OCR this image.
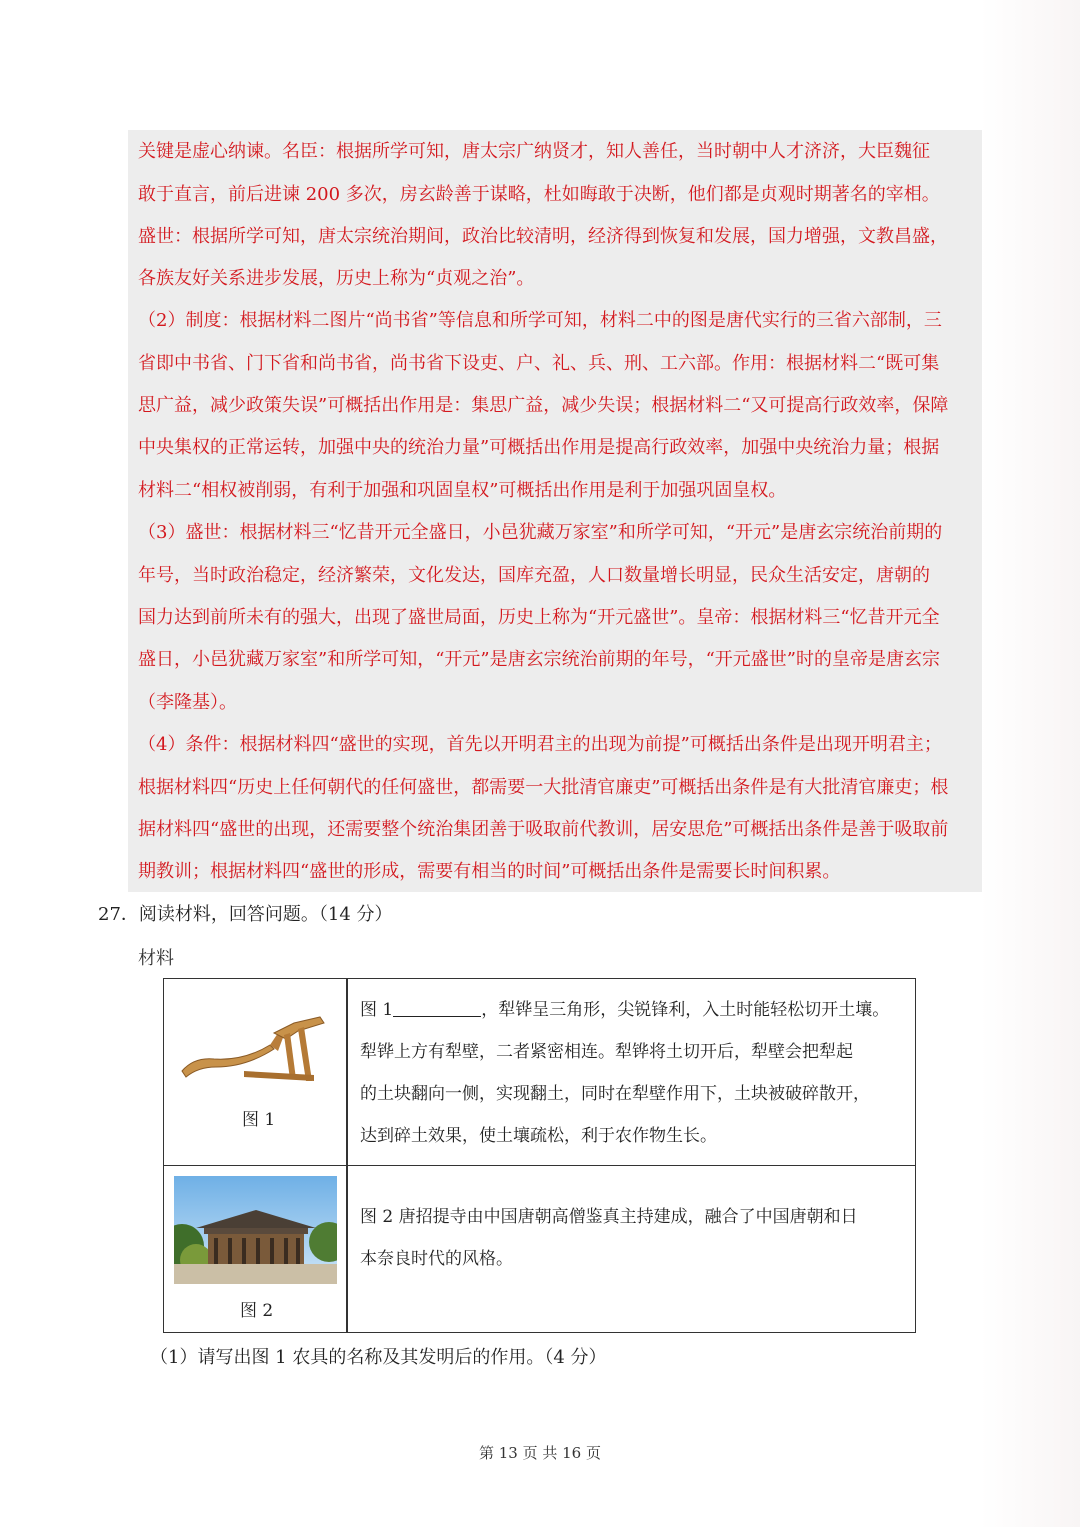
关键是虚心纳谏。名臣：根据所学可知，唐太宗广纳贤才，知人善任，当时朝中人才济济，大臣魏征
敢于直言，前后进谏 200 多次，房玄龄善于谋略，杜如晦敢于决断，他们都是贞观时期著名的宰相。
盛世：根据所学可知，唐太宗统治期间，政治比较清明，经济得到恢复和发展，国力增强，文教昌盛，
各族友好关系进步发展，历史上称为“贞观之治”。
（2）制度：根据材料二图片“尚书省”等信息和所学可知，材料二中的图是唐代实行的三省六部制，三
省即中书省、门下省和尚书省，尚书省下设吏、户、礼、兵、刑、工六部。作用：根据材料二“既可集
思广益，减少政策失误”可概括出作用是：集思广益，减少失误；根据材料二“又可提高行政效率，保障
中央集权的正常运转，加强中央的统治力量”可概括出作用是提高行政效率，加强中央统治力量；根据
材料二“相权被削弱，有利于加强和巩固皇权”可概括出作用是利于加强巩固皇权。
（3）盛世：根据材料三“忆昔开元全盛日，小邑犹藏万家室”和所学可知，“开元”是唐玄宗统治前期的
年号，当时政治稳定，经济繁荣，文化发达，国库充盈，人口数量增长明显，民众生活安定，唐朝的
国力达到前所未有的强大，出现了盛世局面，历史上称为“开元盛世”。皇帝：根据材料三“忆昔开元全
盛日，小邑犹藏万家室”和所学可知，“开元”是唐玄宗统治前期的年号，“开元盛世”时的皇帝是唐玄宗
（李隆基）。
（4）条件：根据材料四“盛世的实现，首先以开明君主的出现为前提”可概括出条件是出现开明君主；
根据材料四“历史上任何朝代的任何盛世，都需要一大批清官廉吏”可概括出条件是有大批清官廉吏；根
据材料四“盛世的出现，还需要整个统治集团善于吸取前代教训，居安思危”可概括出条件是善于吸取前
期教训；根据材料四“盛世的形成，需要有相当的时间”可概括出条件是需要长时间积累。
27．阅读材料，回答问题。（14 分）
材料
图 1
图 1	，犁铧呈三角形，尖锐锋利，入土时能轻松切开土壤。
犁铧上方有犁壁，二者紧密相连。犁铧将土切开后，犁壁会把犁起
的土块翻向一侧，实现翻土，同时在犁壁作用下，土块被破碎散开，
达到碎土效果，使土壤疏松，利于农作物生长。
图 2
图 2 唐招提寺由中国唐朝高僧鉴真主持建成，融合了中国唐朝和日
本奈良时代的风格。
（1）请写出图 1 农具的名称及其发明后的作用。（4 分）
第 13 页 共 16 页
